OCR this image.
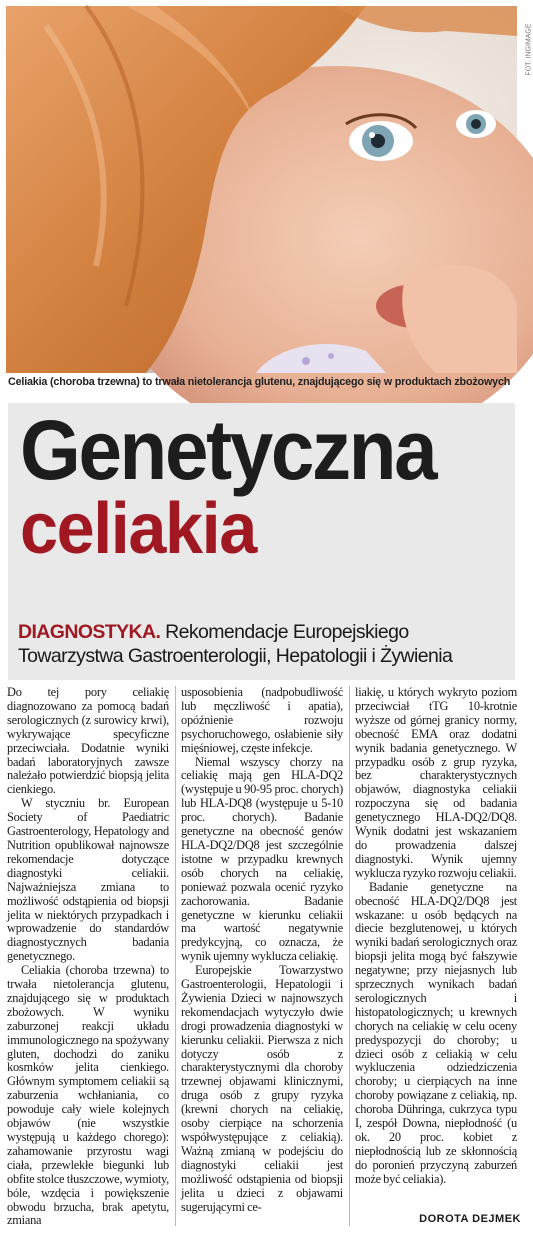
FOT. INGIMAGE
Celiakia (choroba trzewna) to trwała nietolerancja glutenu, znajdującego się w produktach zbożowych
Genetyczna
celiakia
DIAGNOSTYKA. Rekomendacje Europejskiego Towarzystwa Gastroenterologii, Hepatologii i Żywienia

Do tej pory celiakię diagnozowano za pomocą badań serologicznych (z surowicy krwi), wykrywające specyficzne przeciwciała. Dodatnie wyniki badań laboratoryjnych zawsze należało potwierdzić biopsją jelita cienkiego.

W styczniu br. European Society of Paediatric Gastroenterology, Hepatology and Nutrition opublikował najnowsze rekomendacje dotyczące diagnostyki celiakii. Najważniejsza zmiana to możliwość odstąpienia od biopsji jelita w niektórych przypadkach i wprowadzenie do standardów diagnostycznych badania genetycznego.

Celiakia (choroba trzewna) to trwała nietolerancja glutenu, znajdującego się w produktach zbożowych. W wyniku zaburzonej reakcji układu immunologicznego na spożywany gluten, dochodzi do zaniku kosmków jelita cienkiego. Głównym symptomem celiakii są zaburzenia wchłaniania, co powoduje cały wiele kolejnych objawów (nie wszystkie występują u każdego chorego): zahamowanie przyrostu wagi ciała, przewlekłe biegunki lub obfite stolce tłuszczowe, wymioty, bóle, wzdęcia i powiększenie obwodu brzucha, brak apetytu, zmiana

usposobienia (nadpobudliwość lub męczliwość i apatia), opóźnienie rozwoju psychoruchowego, osłabienie siły mięśniowej, częste infekcje.

Niemal wszyscy chorzy na celiakię mają gen HLA-DQ2 (występuje u 90-95 proc. chorych) lub HLA-DQ8 (występuje u 5-10 proc. chorych). Badanie genetyczne na obecność genów HLA-DQ2/DQ8 jest szczególnie istotne w przypadku krewnych osób chorych na celiakię, ponieważ pozwala ocenić ryzyko zachorowania. Badanie genetyczne w kierunku celiakii ma wartość negatywnie predykcyjną, co oznacza, że wynik ujemny wyklucza celiakię.

Europejskie Towarzystwo Gastroenterologii, Hepatologii i Żywienia Dzieci w najnowszych rekomendacjach wytyczyło dwie drogi prowadzenia diagnostyki w kierunku celiakii. Pierwsza z nich dotyczy osób z charakterystycznymi dla choroby trzewnej objawami klinicznymi, druga osób z grupy ryzyka (krewni chorych na celiakię, osoby cierpiące na schorzenia współwystępujące z celiakią). Ważną zmianą w podejściu do diagnostyki celiakii jest możliwość odstąpienia od biopsji jelita u dzieci z objawami sugerującymi ce-

liakię, u których wykryto poziom przeciwciał tTG 10-krotnie wyższe od górnej granicy normy, obecność EMA oraz dodatni wynik badania genetycznego. W przypadku osób z grup ryzyka, bez charakterystycznych objawów, diagnostyka celiakii rozpoczyna się od badania genetycznego HLA-DQ2/DQ8. Wynik dodatni jest wskazaniem do prowadzenia dalszej diagnostyki. Wynik ujemny wyklucza ryzyko rozwoju celiakii.

Badanie genetyczne na obecność HLA-DQ2/DQ8 jest wskazane: u osób będących na diecie bezglutenowej, u których wyniki badań serologicznych oraz biopsji jelita mogą być fałszywie negatywne; przy niejasnych lub sprzecznych wynikach badań serologicznych i histopatologicznych; u krewnych chorych na celiakię w celu oceny predyspozycji do choroby; u dzieci osób z celiakią w celu wykluczenia odziedziczenia choroby; u cierpiących na inne choroby powiązane z celiakią, np. choroba Dühringa, cukrzyca typu I, zespół Downa, niepłodność (u ok. 20 proc. kobiet z niepłodnością lub ze skłonnością do poronień przyczyną zaburzeń może być celiakia).

DOROTA DEJMEK
